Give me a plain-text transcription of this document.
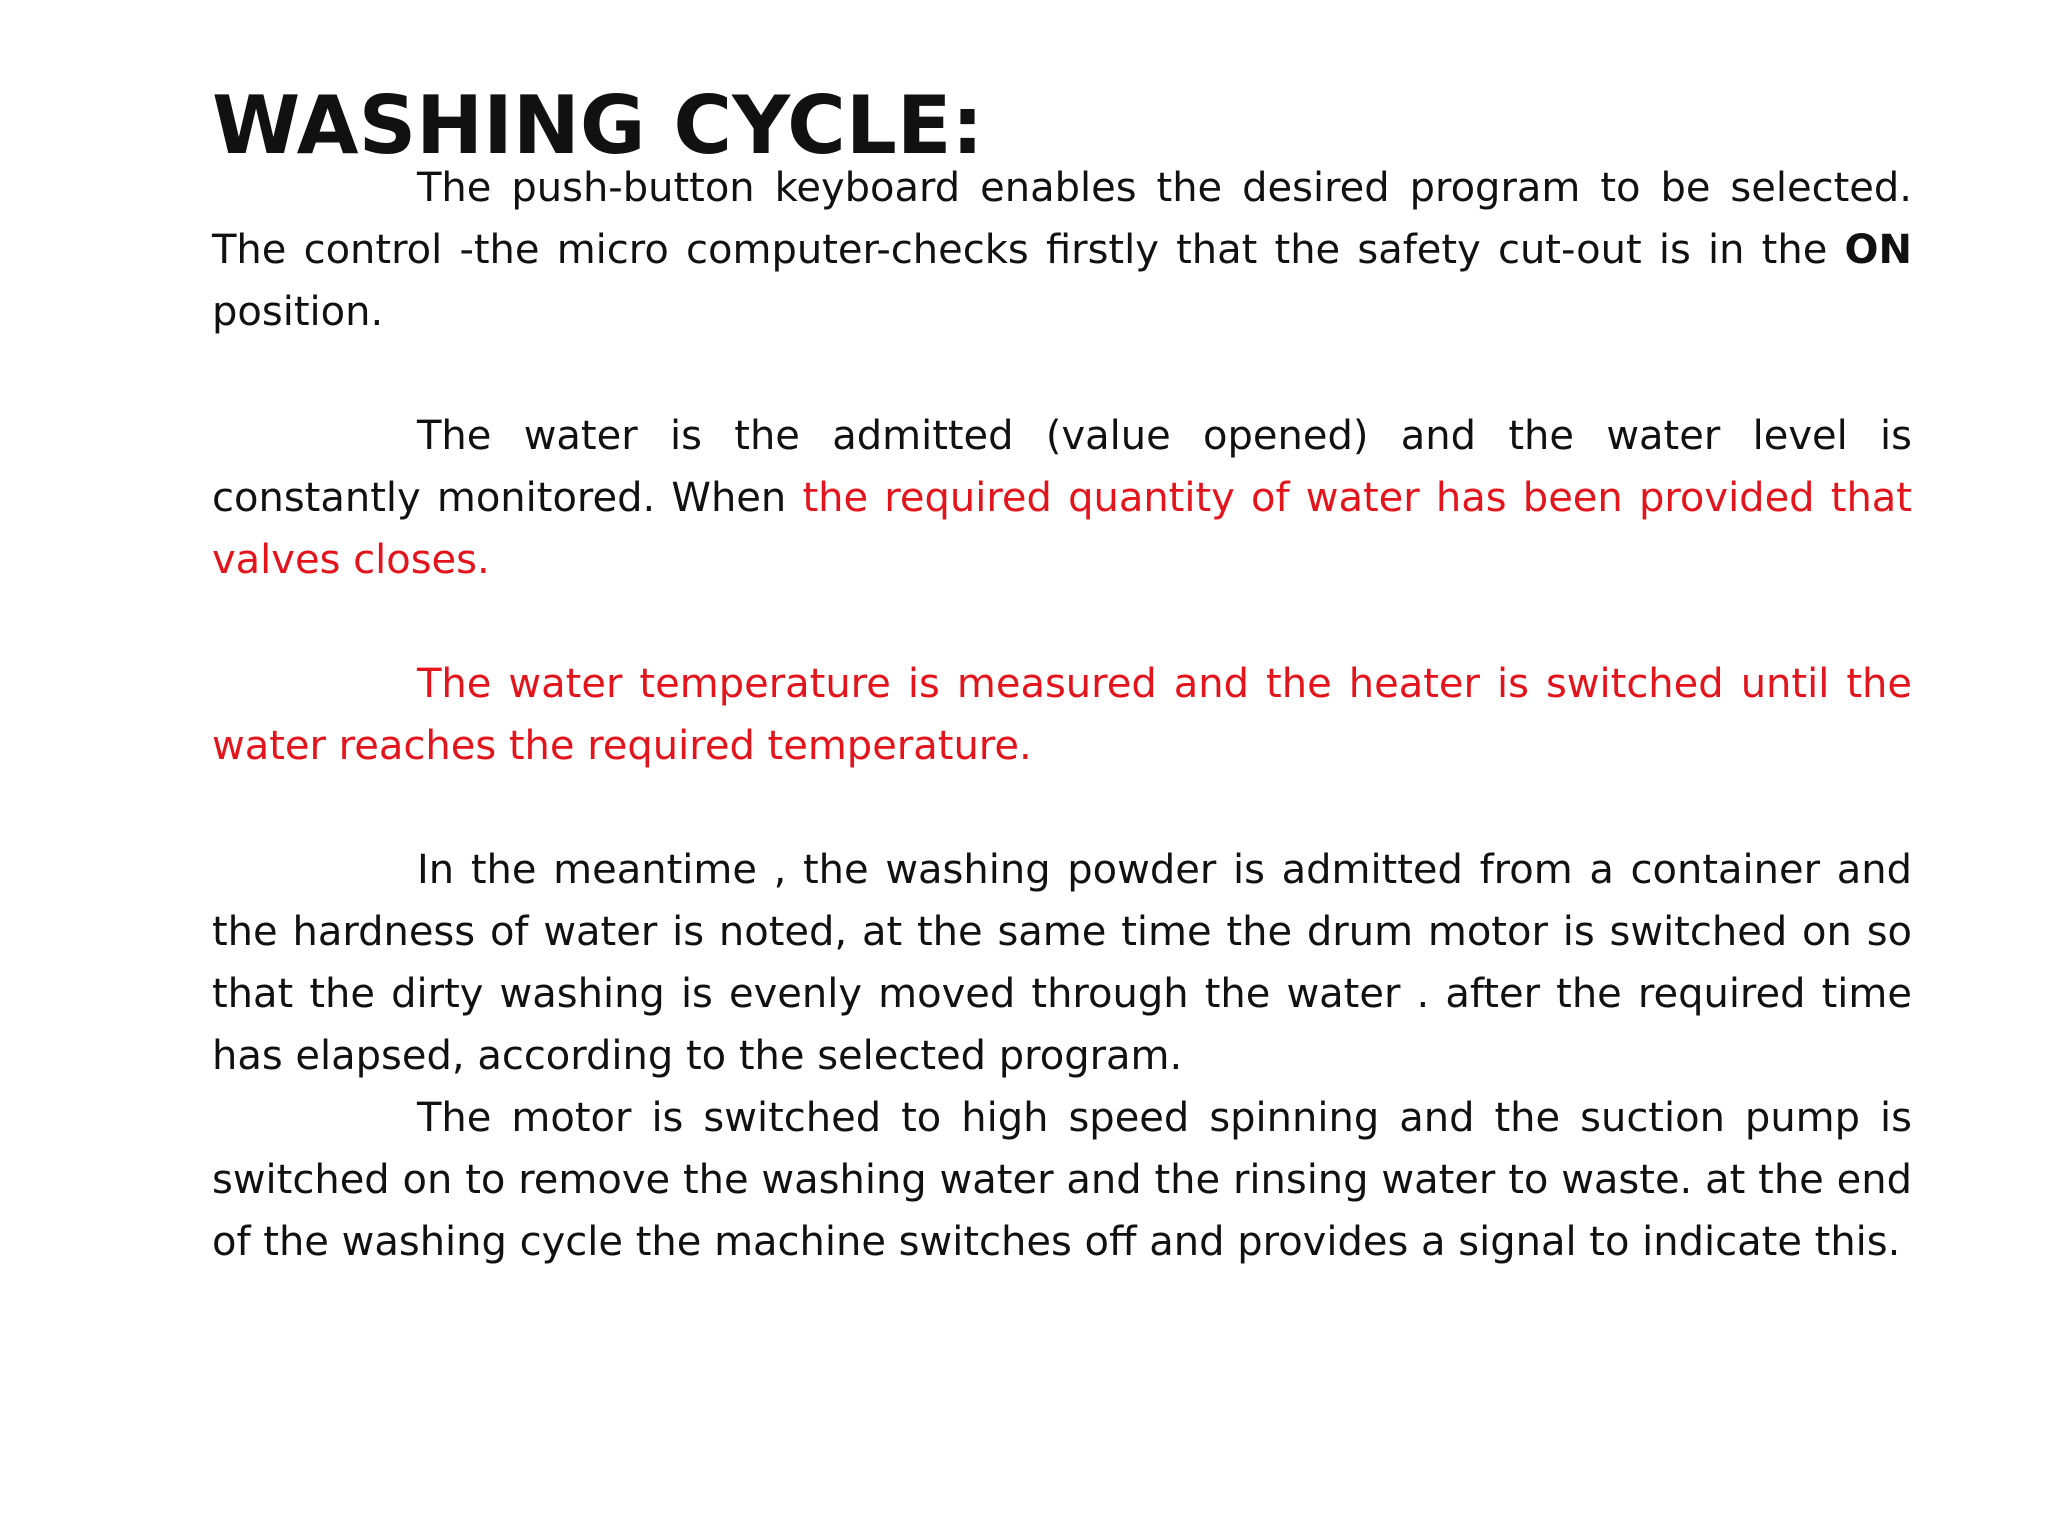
WASHING CYCLE:

The push-button keyboard enables the desired program to be selected. The control -the micro computer-checks firstly that the safety cut-out is in the ON position.

The water is the admitted (value opened) and the water level is constantly monitored. When the required quantity of water has been provided that valves closes.

The water temperature is measured and the heater is switched until the water reaches the required temperature.

In the meantime , the washing powder is admitted from a container and the hardness of water is noted, at the same time the drum motor is switched on so that the dirty washing is evenly moved through the water . after the required time has elapsed, according to the selected program.

The motor is switched to high speed spinning and the suction pump is switched on to remove the washing water and the rinsing water to waste. at the end of the washing cycle the machine switches off and provides a signal to indicate this.
